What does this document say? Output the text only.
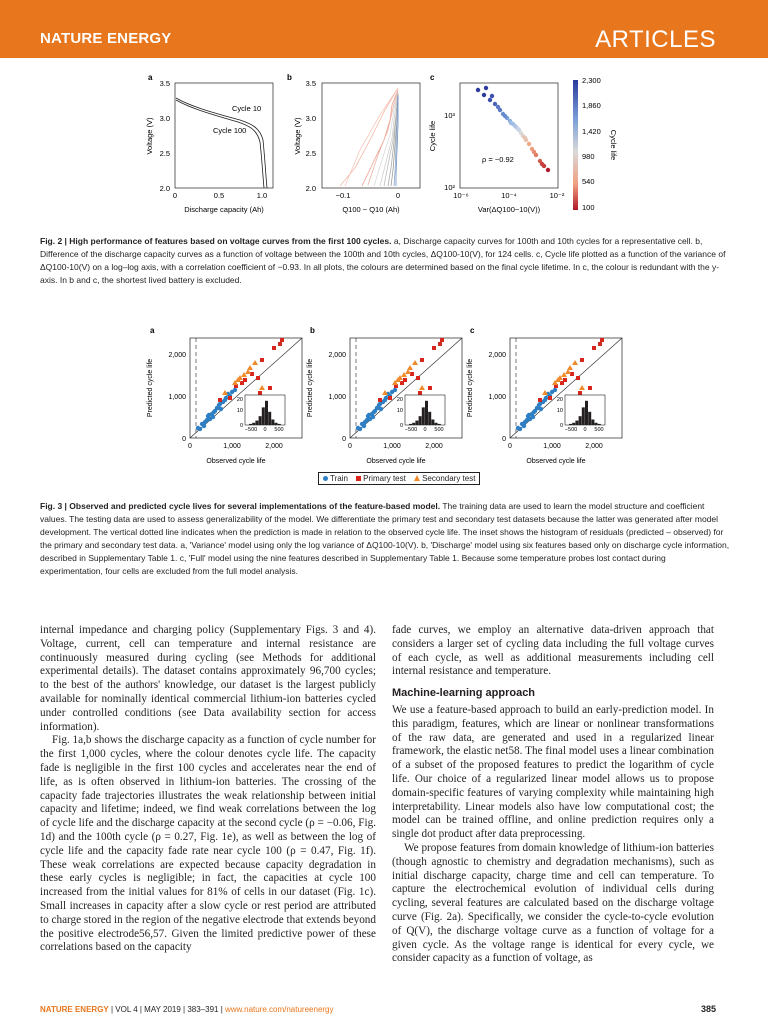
NATURE ENERGY	ARTICLES
a
3.5
3.0
2.5
2.0
0	0.5	1.0
Discharge capacity (Ah)
Voltage (V)
Cycle 10
Cycle 100
b
3.5
3.0
2.5
2.0
−0.1	0
Q100 − Q10 (Ah)
Voltage (V)
c
10³
10²
10⁻⁶	10⁻⁴	10⁻²
Var(ΔQ100−10(V))
Cycle life
ρ = −0.92
2,300
1,860
1,420
980
540
100
Cycle life
Fig. 2 | High performance of features based on voltage curves from the first 100 cycles. a, Discharge capacity curves for 100th and 10th cycles for a representative cell. b, Difference of the discharge capacity curves as a function of voltage between the 100th and 10th cycles, ΔQ100-10(V), for 124 cells. c, Cycle life plotted as a function of the variance of ΔQ100-10(V) on a log–log axis, with a correlation coefficient of −0.93. In all plots, the colours are determined based on the final cycle lifetime. In c, the colour is redundant with the y-axis. In b and c, the shortest lived battery is excluded.
a
0
1,000
2,000
0	1,000	2,000
Observed cycle life
Predicted cycle life	20
10
0
−500 0 500
b
0
1,000
2,000
0	1,000	2,000
Observed cycle life
Predicted cycle life	20
10
0
−500 0 500
c
0
1,000
2,000
0	1,000	2,000
Observed cycle life
Predicted cycle life	20
10
0
−500 0 500
Train Primary test Secondary test
Fig. 3 | Observed and predicted cycle lives for several implementations of the feature-based model. The training data are used to learn the model structure and coefficient values. The testing data are used to assess generalizability of the model. We differentiate the primary test and secondary test datasets because the latter was generated after model development. The vertical dotted line indicates when the prediction is made in relation to the observed cycle life. The inset shows the histogram of residuals (predicted – observed) for the primary and secondary test data. a, 'Variance' model using only the log variance of ΔQ100-10(V). b, 'Discharge' model using six features based only on discharge cycle information, described in Supplementary Table 1. c, 'Full' model using the nine features described in Supplementary Table 1. Because some temperature probes lost contact during experimentation, four cells are excluded from the full model analysis.

internal impedance and charging policy (Supplementary Figs. 3 and 4). Voltage, current, cell can temperature and internal resistance are continuously measured during cycling (see Methods for additional experimental details). The dataset contains approximately 96,700 cycles; to the best of the authors' knowledge, our dataset is the largest publicly available for nominally identical commercial lithium-ion batteries cycled under controlled conditions (see Data availability section for access information).

Fig. 1a,b shows the discharge capacity as a function of cycle number for the first 1,000 cycles, where the colour denotes cycle life. The capacity fade is negligible in the first 100 cycles and accelerates near the end of life, as is often observed in lithium-ion batteries. The crossing of the capacity fade trajectories illustrates the weak relationship between initial capacity and lifetime; indeed, we find weak correlations between the log of cycle life and the discharge capacity at the second cycle (ρ = −0.06, Fig. 1d) and the 100th cycle (ρ = 0.27, Fig. 1e), as well as between the log of cycle life and the capacity fade rate near cycle 100 (ρ = 0.47, Fig. 1f). These weak correlations are expected because capacity degradation in these early cycles is negligible; in fact, the capacities at cycle 100 increased from the initial values for 81% of cells in our dataset (Fig. 1c). Small increases in capacity after a slow cycle or rest period are attributed to charge stored in the region of the negative electrode that extends beyond the positive electrode56,57. Given the limited predictive power of these correlations based on the capacity

fade curves, we employ an alternative data-driven approach that considers a larger set of cycling data including the full voltage curves of each cycle, as well as additional measurements including cell internal resistance and temperature.

Machine-learning approach

We use a feature-based approach to build an early-prediction model. In this paradigm, features, which are linear or nonlinear transformations of the raw data, are generated and used in a regularized linear framework, the elastic net58. The final model uses a linear combination of a subset of the proposed features to predict the logarithm of cycle life. Our choice of a regularized linear model allows us to propose domain-specific features of varying complexity while maintaining high interpretability. Linear models also have low computational cost; the model can be trained offline, and online prediction requires only a single dot product after data preprocessing.

We propose features from domain knowledge of lithium-ion batteries (though agnostic to chemistry and degradation mechanisms), such as initial discharge capacity, charge time and cell can temperature. To capture the electrochemical evolution of individual cells during cycling, several features are calculated based on the discharge voltage curve (Fig. 2a). Specifically, we consider the cycle-to-cycle evolution of Q(V), the discharge voltage curve as a function of voltage for a given cycle. As the voltage range is identical for every cycle, we consider capacity as a function of voltage, as

NATURE ENERGY | VOL 4 | MAY 2019 | 383–391 | www.nature.com/natureenergy	385
